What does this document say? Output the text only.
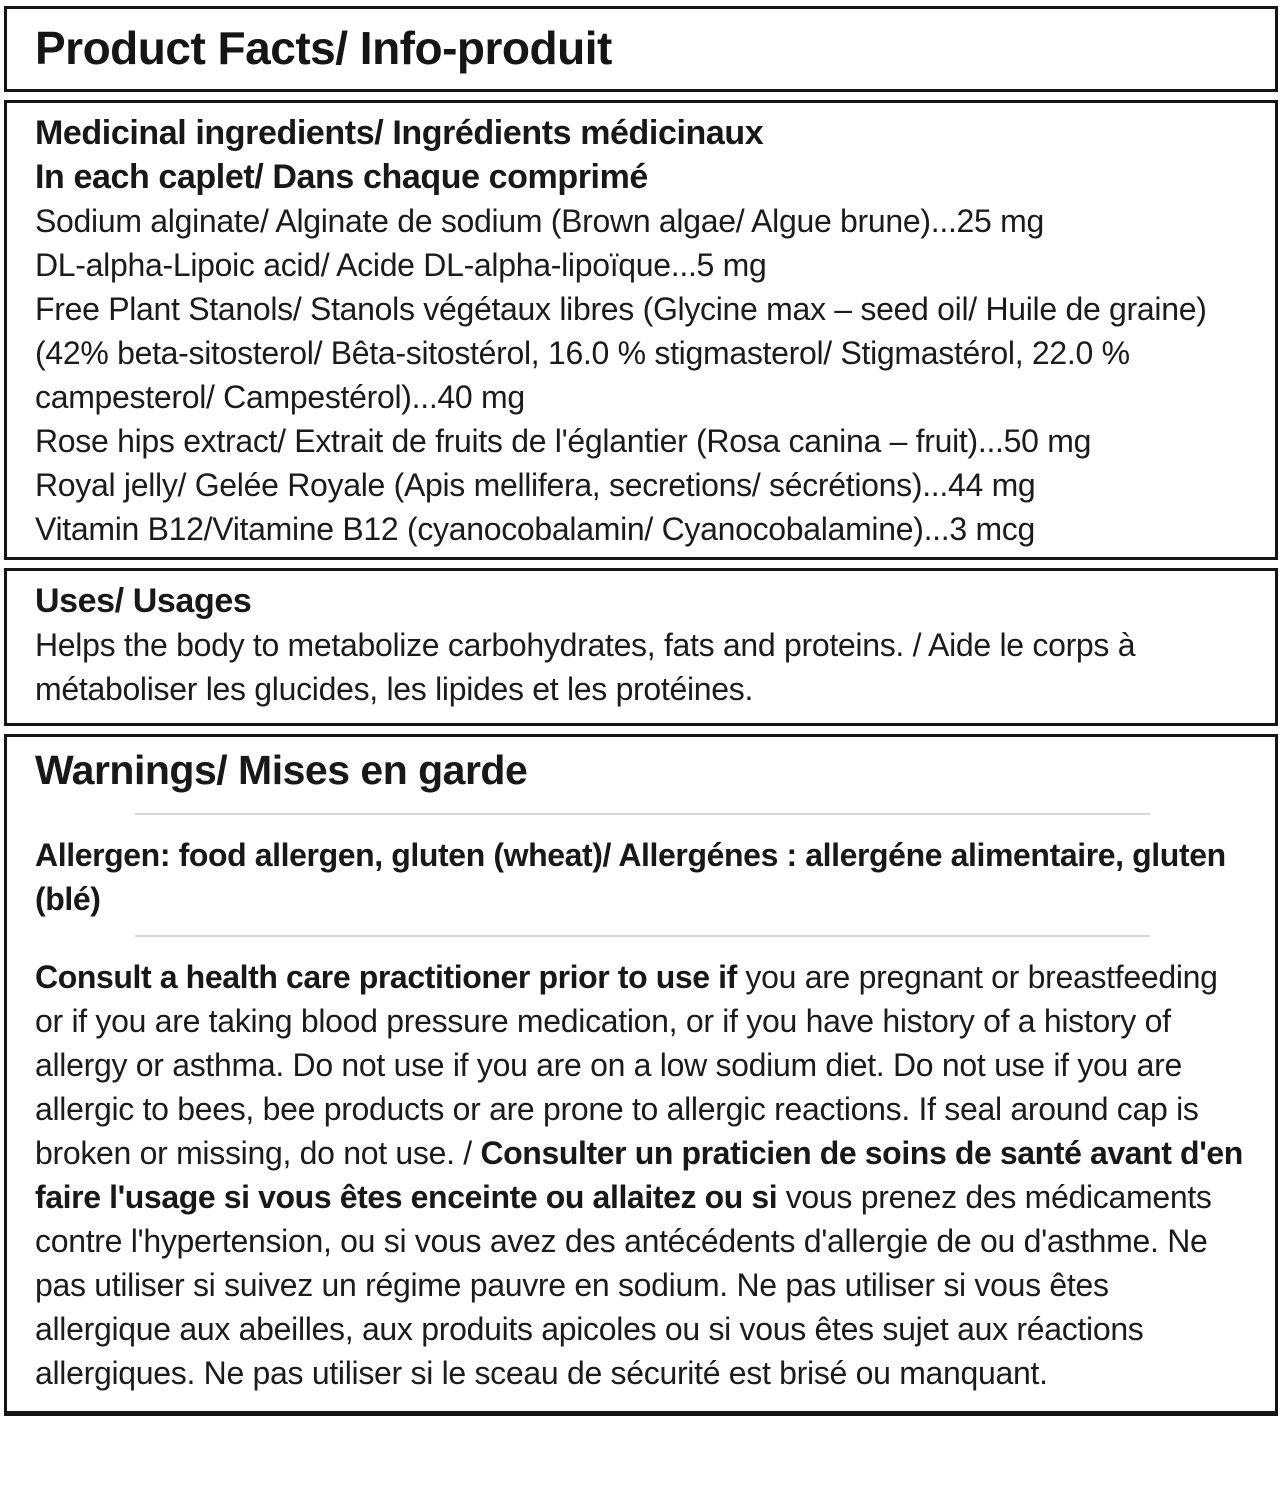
Product Facts/ Info-produit

Medicinal ingredients/ Ingrédients médicinaux

In each caplet/ Dans chaque comprimé

Sodium alginate/ Alginate de sodium (Brown algae/ Algue brune)...25 mg

DL-alpha-Lipoic acid/ Acide DL-alpha-lipoïque...5 mg

Free Plant Stanols/ Stanols végétaux libres (Glycine max – seed oil/ Huile de graine) (42% beta-sitosterol/ Bêta-sitostérol, 16.0 % stigmasterol/ Stigmastérol, 22.0 % campesterol/ Campestérol)...40 mg

Rose hips extract/ Extrait de fruits de l'églantier (Rosa canina – fruit)...50 mg

Royal jelly/ Gelée Royale (Apis mellifera, secretions/ sécrétions)...44 mg

Vitamin B12/Vitamine B12 (cyanocobalamin/ Cyanocobalamine)...3 mcg

Uses/ Usages

Helps the body to metabolize carbohydrates, fats and proteins. / Aide le corps à métaboliser les glucides, les lipides et les protéines.

Warnings/ Mises en garde

Allergen: food allergen, gluten (wheat)/ Allergénes : allergéne alimentaire, gluten (blé)

Consult a health care practitioner prior to use if you are pregnant or breastfeeding or if you are taking blood pressure medication, or if you have history of a history of allergy or asthma. Do not use if you are on a low sodium diet. Do not use if you are allergic to bees, bee products or are prone to allergic reactions. If seal around cap is broken or missing, do not use. / Consulter un praticien de soins de santé avant d'en faire l'usage si vous êtes enceinte ou allaitez ou si vous prenez des médicaments contre l'hypertension, ou si vous avez des antécédents d'allergie de ou d'asthme. Ne pas utiliser si suivez un régime pauvre en sodium. Ne pas utiliser si vous êtes allergique aux abeilles, aux produits apicoles ou si vous êtes sujet aux réactions allergiques. Ne pas utiliser si le sceau de sécurité est brisé ou manquant.
